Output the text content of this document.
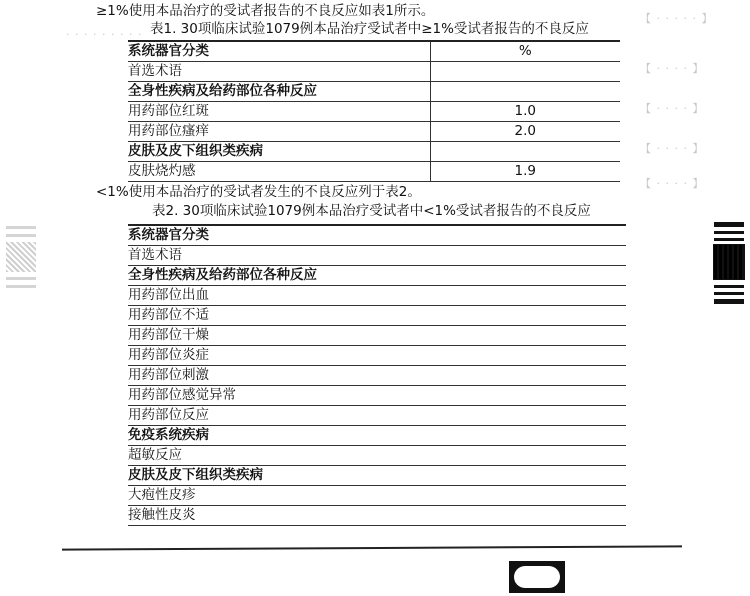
· · · · · · · · ·
【 · · · · · 】
【 · · · · 】
【 · · · · 】
【 · · · · 】
【 · · · · 】
≥1%使用本品治疗的受试者报告的不良反应如表1所示。
表1. 30项临床试验1079例本品治疗受试者中≥1%受试者报告的不良反应
系统器官分类	%
首选术语	
全身性疾病及给药部位各种反应	
用药部位红斑	1.0
用药部位瘙痒	2.0
皮肤及皮下组织类疾病	
皮肤烧灼感	1.9
<1%使用本品治疗的受试者发生的不良反应列于表2。
表2. 30项临床试验1079例本品治疗受试者中<1%受试者报告的不良反应
系统器官分类
首选术语
全身性疾病及给药部位各种反应
用药部位出血
用药部位不适
用药部位干燥
用药部位炎症
用药部位刺激
用药部位感觉异常
用药部位反应
免疫系统疾病
超敏反应
皮肤及皮下组织类疾病
大疱性皮疹
接触性皮炎
